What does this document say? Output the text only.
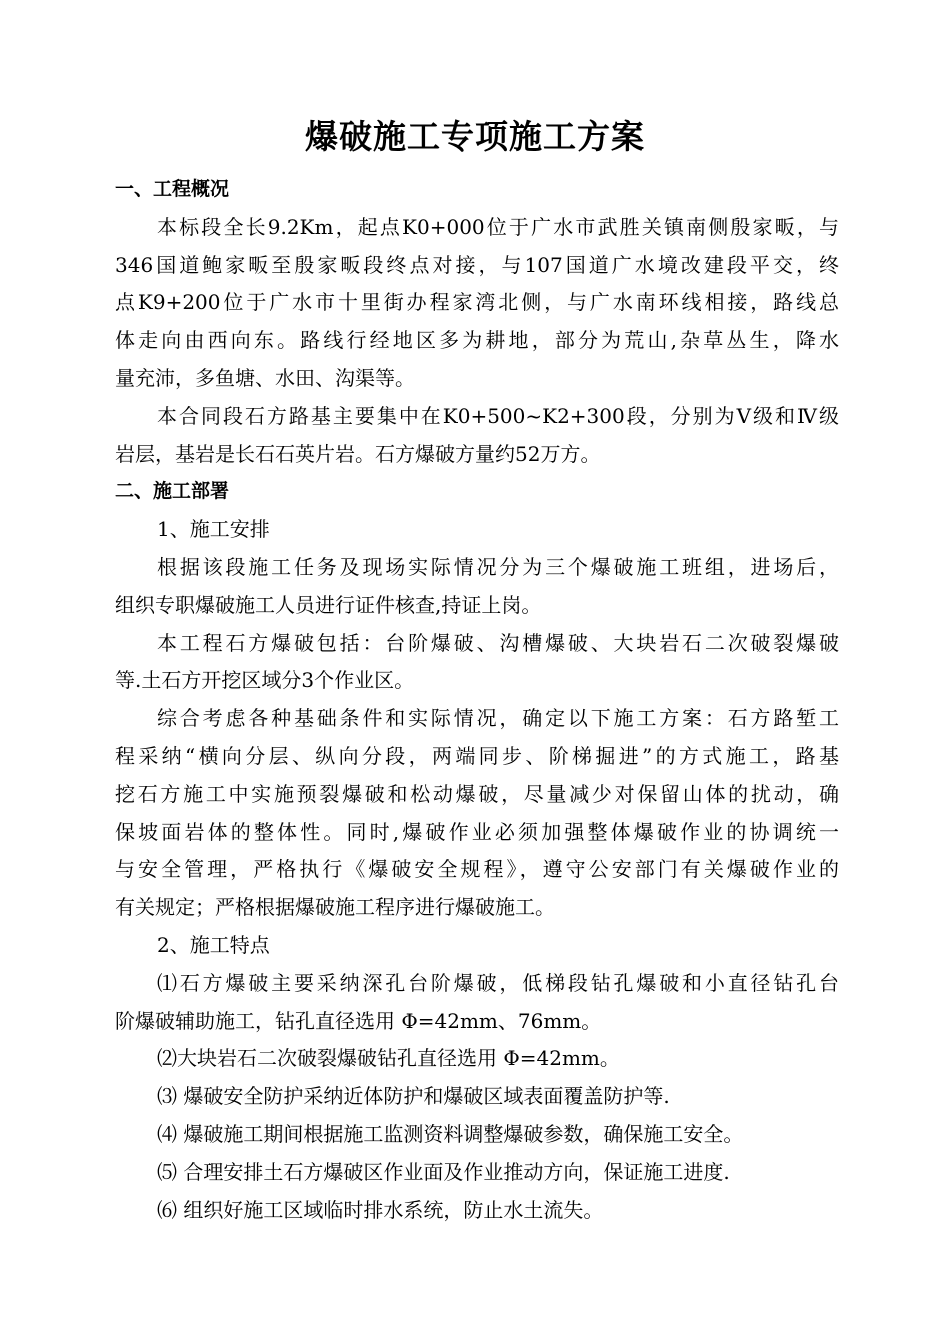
爆破施工专项施工方案
一、工程概况
本标段全长9.2Km，起点K0+000位于广水市武胜关镇南侧殷家畈，与
346国道鲍家畈至殷家畈段终点对接，与107国道广水境改建段平交，终
点K9+200位于广水市十里街办程家湾北侧，与广水南环线相接，路线总
体走向由西向东。路线行经地区多为耕地，部分为荒山,杂草丛生，降水
量充沛，多鱼塘、水田、沟渠等。
本合同段石方路基主要集中在K0+500~K2+300段，分别为Ⅴ级和Ⅳ级
岩层，基岩是长石石英片岩。石方爆破方量约52万方。
二、施工部署
1、施工安排
根据该段施工任务及现场实际情况分为三个爆破施工班组，进场后，
组织专职爆破施工人员进行证件核查,持证上岗。
本工程石方爆破包括：台阶爆破、沟槽爆破、大块岩石二次破裂爆破
等.土石方开挖区域分3个作业区。
综合考虑各种基础条件和实际情况，确定以下施工方案：石方路堑工
程采纳“横向分层、纵向分段，两端同步、阶梯掘进”的方式施工，路基
挖石方施工中实施预裂爆破和松动爆破，尽量减少对保留山体的扰动，确
保坡面岩体的整体性。同时,爆破作业必须加强整体爆破作业的协调统一
与安全管理，严格执行《爆破安全规程》，遵守公安部门有关爆破作业的
有关规定；严格根据爆破施工程序进行爆破施工。
2、施工特点
⑴石方爆破主要采纳深孔台阶爆破，低梯段钻孔爆破和小直径钻孔台
阶爆破辅助施工，钻孔直径选用 Φ=42mm、76mm。
⑵大块岩石二次破裂爆破钻孔直径选用 Φ=42mm。
⑶ 爆破安全防护采纳近体防护和爆破区域表面覆盖防护等.
⑷ 爆破施工期间根据施工监测资料调整爆破参数，确保施工安全。
⑸ 合理安排土石方爆破区作业面及作业推动方向，保证施工进度.
⑹ 组织好施工区域临时排水系统，防止水土流失。
